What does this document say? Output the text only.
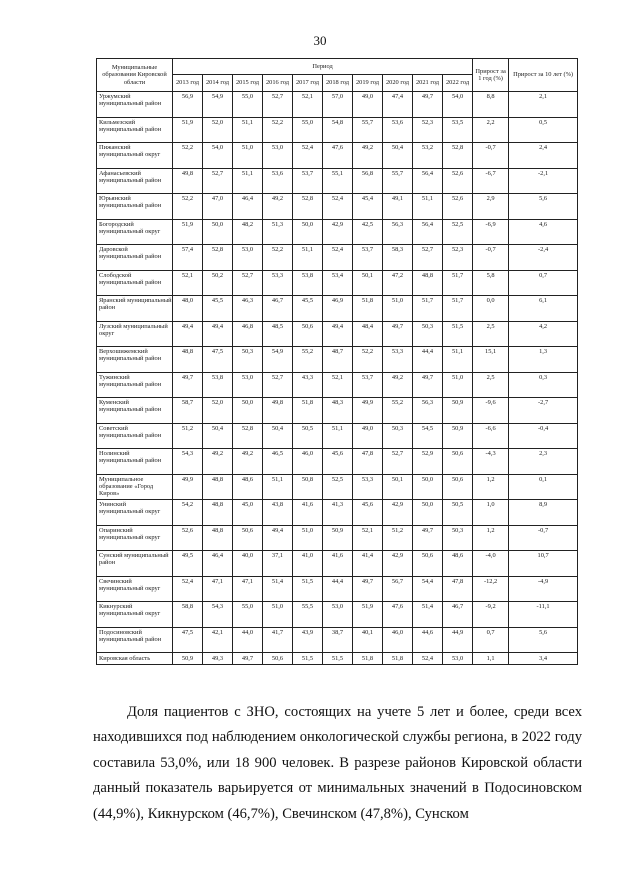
30
Муниципальные образования Кировской области	Период										Прирост за 1 год (%)	Прирост за 10 лет (%)
	2013 год	2014 год	2015 год	2016 год	2017 год	2018 год	2019 год	2020 год	2021 год	2022 год		
Уржумский муниципальный район	56,9	54,9	55,0	52,7	52,1	57,0	49,0	47,4	49,7	54,0	8,8	2,1
Кильмезский муниципальный район	51,9	52,0	51,1	52,2	55,0	54,8	55,7	53,6	52,3	53,5	2,2	0,5
Пижанский муниципальный округ	52,2	54,0	51,0	53,0	52,4	47,6	49,2	50,4	53,2	52,8	-0,7	2,4
Афанасьевский муниципальный район	49,8	52,7	51,1	53,6	53,7	55,1	56,8	55,7	56,4	52,6	-6,7	-2,1
Юрьянский муниципальный район	52,2	47,0	46,4	49,2	52,8	52,4	45,4	49,1	51,1	52,6	2,9	5,6
Богородский муниципальный округ	51,9	50,0	48,2	51,3	50,0	42,9	42,5	56,3	56,4	52,5	-6,9	4,6
Даровской муниципальный район	57,4	52,8	53,0	52,2	51,1	52,4	53,7	58,3	52,7	52,3	-0,7	-2,4
Слободской муниципальный район	52,1	50,2	52,7	53,3	53,8	53,4	50,1	47,2	48,8	51,7	5,8	0,7
Яранский муниципальный район	48,0	45,5	46,3	46,7	45,5	46,9	51,8	51,0	51,7	51,7	0,0	6,1
Лузский муниципальный округ	49,4	49,4	46,8	48,5	50,6	49,4	48,4	49,7	50,3	51,5	2,5	4,2
Верхошижемский муниципальный район	48,8	47,5	50,3	54,9	55,2	48,7	52,2	53,3	44,4	51,1	15,1	1,3
Тужинский муниципальный район	49,7	53,8	53,0	52,7	43,3	52,1	53,7	49,2	49,7	51,0	2,5	0,3
Куменский муниципальный район	58,7	52,0	50,0	49,8	51,8	48,3	49,9	55,2	56,3	50,9	-9,6	-2,7
Советский муниципальный район	51,2	50,4	52,8	50,4	50,5	51,1	49,0	50,3	54,5	50,9	-6,6	-0,4
Нолинский муниципальный район	54,3	49,2	49,2	46,5	46,0	45,6	47,8	52,7	52,9	50,6	-4,3	2,3
Муниципальное образование «Город Киров»	49,9	48,8	48,6	51,1	50,8	52,5	53,3	50,1	50,0	50,6	1,2	0,1
Унинский муниципальный округ	54,2	48,8	45,0	43,8	41,6	41,3	45,6	42,9	50,0	50,5	1,0	8,9
Опаринский муниципальный округ	52,6	48,8	50,6	49,4	51,0	50,9	52,1	51,2	49,7	50,3	1,2	-0,7
Сунский муниципальный район	49,5	46,4	40,0	37,1	41,0	41,6	41,4	42,9	50,6	48,6	-4,0	10,7
Свечинский муниципальный округ	52,4	47,1	47,1	51,4	51,5	44,4	49,7	56,7	54,4	47,8	-12,2	-4,9
Кикнурский муниципальный округ	58,8	54,3	55,0	51,0	55,5	53,0	51,9	47,6	51,4	46,7	-9,2	-11,1
Подосиновский муниципальный район	47,5	42,1	44,0	41,7	43,9	38,7	40,1	46,0	44,6	44,9	0,7	5,6
Кировская область	50,9	49,3	49,7	50,6	51,5	51,5	51,8	51,8	52,4	53,0	1,1	3,4

Доля пациентов с ЗНО, состоящих на учете 5 лет и более, среди всех находившихся под наблюдением онкологической службы региона, в 2022 году составила 53,0%, или 18 900 человек. В разрезе районов Кировской области данный показатель варьируется от минимальных значений в Подосиновском (44,9%), Кикнурском (46,7%), Свечинском (47,8%), Сунском
